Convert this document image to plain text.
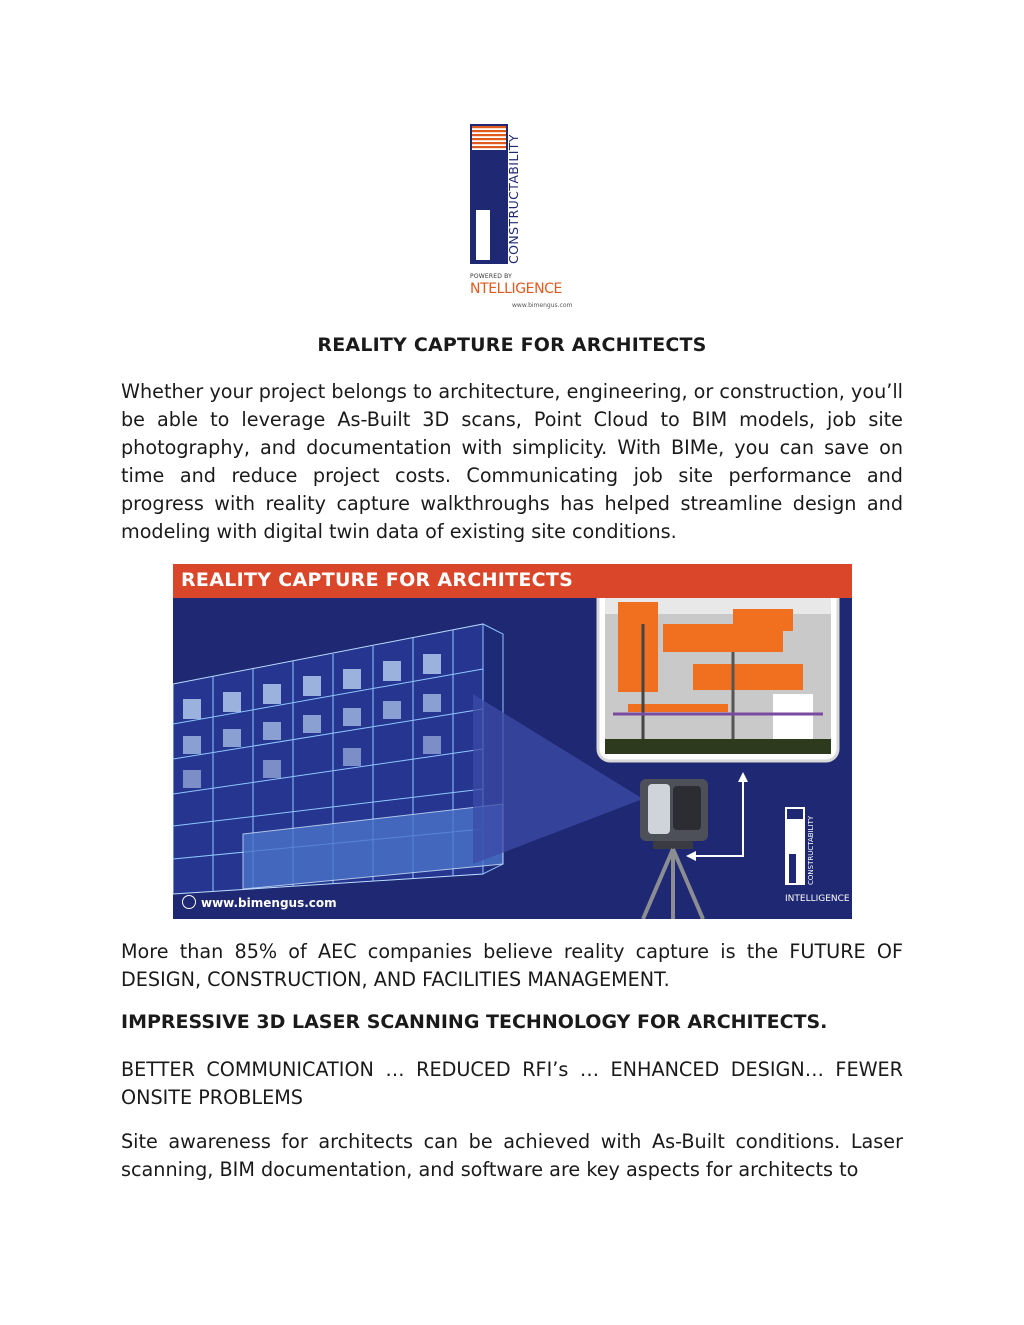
CONSTRUCTABILITY
POWERED BY
NTELLIGENCE
www.bimengus.com
REALITY CAPTURE FOR ARCHITECTS

Whether your project belongs to architecture, engineering, or construction, you’ll be able to leverage As-Built 3D scans, Point Cloud to BIM models, job site photography, and documentation with simplicity. With BIMe, you can save on time and reduce project costs. Communicating job site performance and progress with reality capture walkthroughs has helped streamline design and modeling with digital twin data of existing site conditions.

CONSTRUCTABILITY
REALITY CAPTURE FOR ARCHITECTS
www.bimengus.com	INTELLIGENCE

More than 85% of AEC companies believe reality capture is the FUTURE OF DESIGN, CONSTRUCTION, AND FACILITIES MANAGEMENT.

IMPRESSIVE 3D LASER SCANNING TECHNOLOGY FOR ARCHITECTS.

BETTER COMMUNICATION … REDUCED RFI’s … ENHANCED DESIGN… FEWER ONSITE PROBLEMS

Site awareness for architects can be achieved with As-Built conditions. Laser scanning, BIM documentation, and software are key aspects for architects to
